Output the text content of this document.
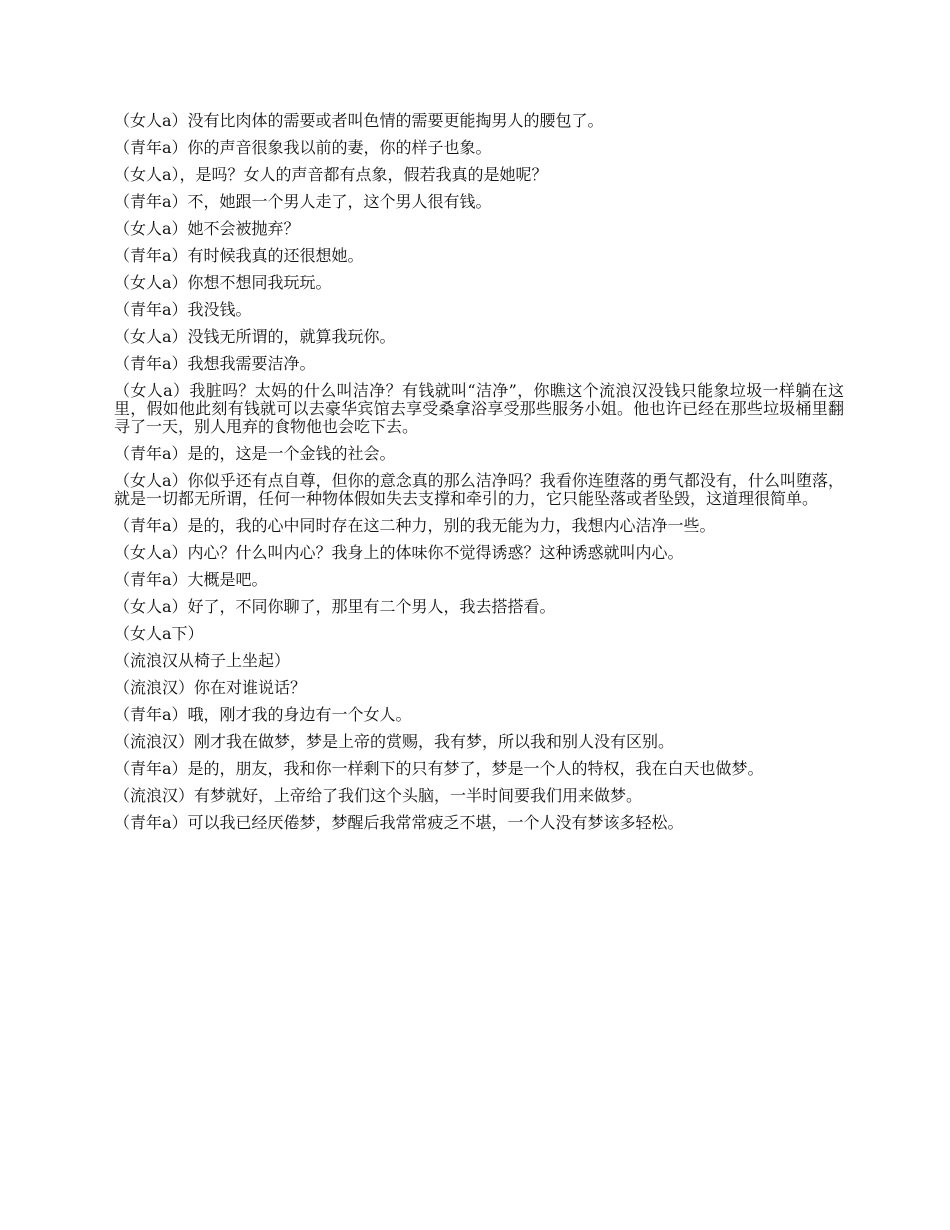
（女人a）没有比肉体的需要或者叫色情的需要更能掏男人的腰包了。

（青年a）你的声音很象我以前的妻，你的样子也象。

（女人a），是吗？女人的声音都有点象，假若我真的是她呢？

（青年a）不，她跟一个男人走了，这个男人很有钱。

（女人a）她不会被抛弃？

（青年a）有时候我真的还很想她。

（女人a）你想不想同我玩玩。

（青年a）我没钱。

（女人a）没钱无所谓的，就算我玩你。

（青年a）我想我需要洁净。

（女人a）我脏吗？太妈的什么叫洁净？有钱就叫“洁净”，你瞧这个流浪汉没钱只能象垃圾一样躺在这里，假如他此刻有钱就可以去豪华宾馆去享受桑拿浴享受那些服务小姐。他也许已经在那些垃圾桶里翻寻了一天，别人甩弃的食物他也会吃下去。

（青年a）是的，这是一个金钱的社会。

（女人a）你似乎还有点自尊，但你的意念真的那么洁净吗？我看你连堕落的勇气都没有，什么叫堕落，就是一切都无所谓，任何一种物体假如失去支撑和牵引的力，它只能坠落或者坠毁，这道理很简单。

（青年a）是的，我的心中同时存在这二种力，别的我无能为力，我想内心洁净一些。

（女人a）内心？什么叫内心？我身上的体味你不觉得诱惑？这种诱惑就叫内心。

（青年a）大概是吧。

（女人a）好了，不同你聊了，那里有二个男人，我去搭搭看。

（女人a下）

（流浪汉从椅子上坐起）

（流浪汉）你在对谁说话？

（青年a）哦，刚才我的身边有一个女人。

（流浪汉）刚才我在做梦，梦是上帝的赏赐，我有梦，所以我和别人没有区别。

（青年a）是的，朋友，我和你一样剩下的只有梦了，梦是一个人的特权，我在白天也做梦。

（流浪汉）有梦就好，上帝给了我们这个头脑，一半时间要我们用来做梦。

（青年a）可以我已经厌倦梦，梦醒后我常常疲乏不堪，一个人没有梦该多轻松。
